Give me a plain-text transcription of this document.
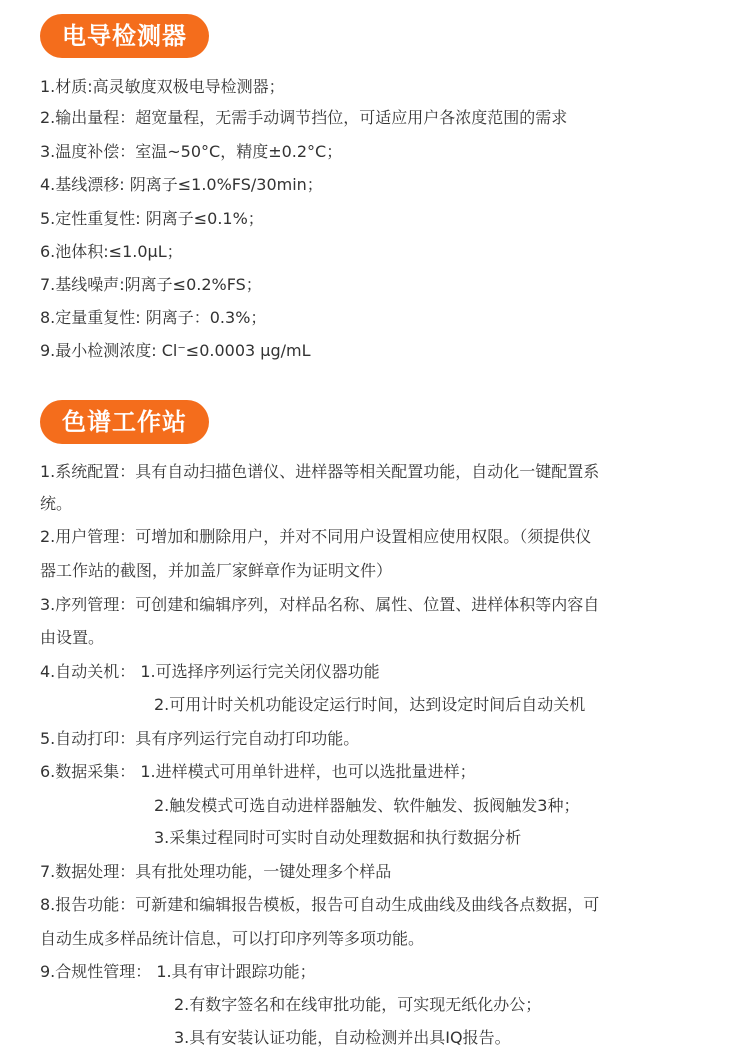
电导检测器
1.材质:高灵敏度双极电导检测器；
2.输出量程：超宽量程，无需手动调节挡位，可适应用户各浓度范围的需求
3.温度补偿：室温~50°C，精度±0.2°C；
4.基线漂移: 阴离子≤1.0%FS/30min；
5.定性重复性: 阴离子≤0.1%；
6.池体积:≤1.0μL；
7.基线噪声:阴离子≤0.2%FS；
8.定量重复性: 阴离子：0.3%；
9.最小检测浓度: Cl⁻≤0.0003 μg/mL
色谱工作站
1.系统配置：具有自动扫描色谱仪、进样器等相关配置功能，自动化一键配置系
统。
2.用户管理：可增加和删除用户，并对不同用户设置相应使用权限。（须提供仪
器工作站的截图，并加盖厂家鲜章作为证明文件）
3.序列管理：可创建和编辑序列，对样品名称、属性、位置、进样体积等内容自
由设置。
4.自动关机： 1.可选择序列运行完关闭仪器功能
2.可用计时关机功能设定运行时间，达到设定时间后自动关机
5.自动打印：具有序列运行完自动打印功能。
6.数据采集： 1.进样模式可用单针进样，也可以选批量进样；
2.触发模式可选自动进样器触发、软件触发、扳阀触发3种；
3.采集过程同时可实时自动处理数据和执行数据分析
7.数据处理：具有批处理功能，一键处理多个样品
8.报告功能：可新建和编辑报告模板，报告可自动生成曲线及曲线各点数据，可
自动生成多样品统计信息，可以打印序列等多项功能。
9.合规性管理： 1.具有审计跟踪功能；
2.有数字签名和在线审批功能，可实现无纸化办公；
3.具有安装认证功能，自动检测并出具IQ报告。
